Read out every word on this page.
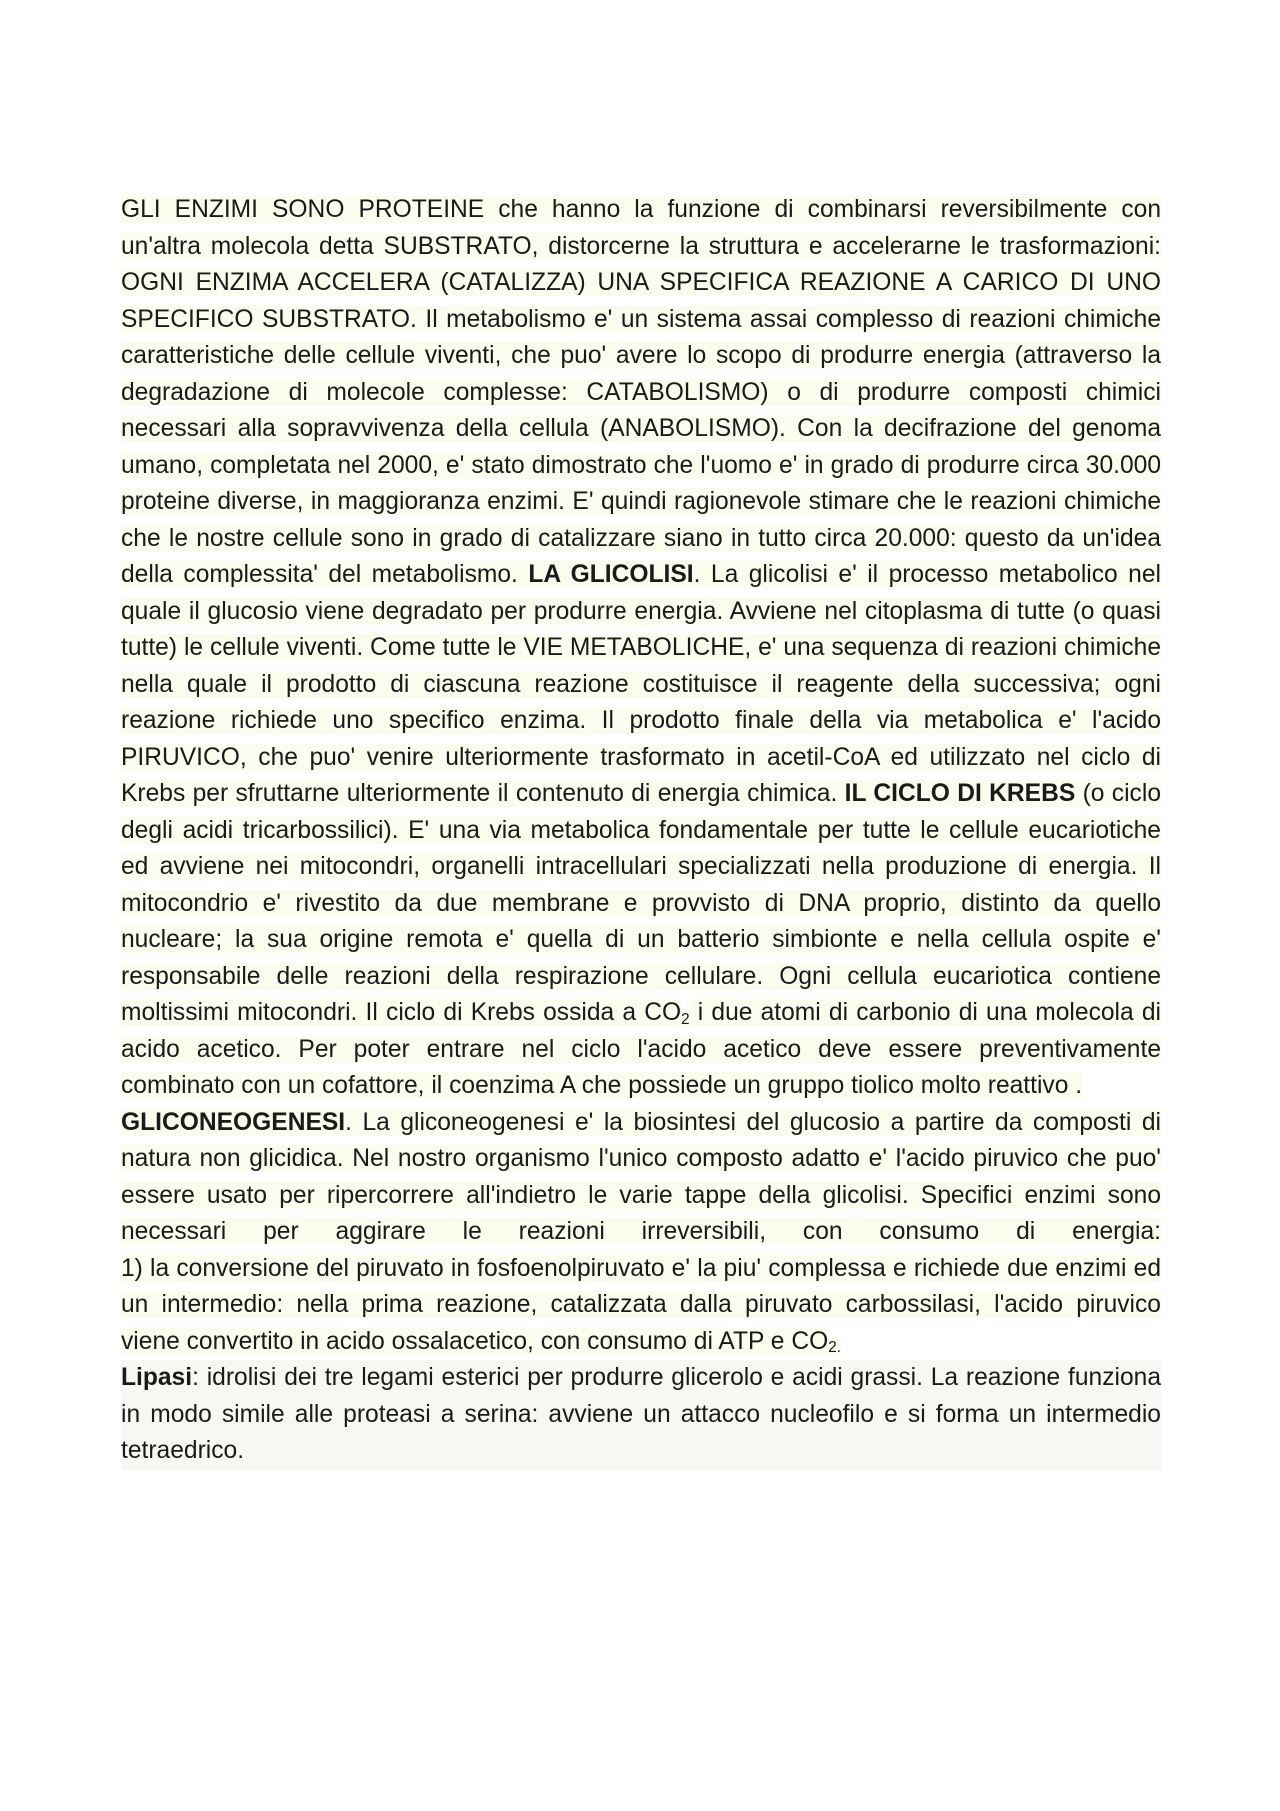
GLI ENZIMI SONO PROTEINE che hanno la funzione di combinarsi reversibilmente con un'altra molecola detta SUBSTRATO, distorcerne la struttura e accelerarne le trasformazioni: OGNI ENZIMA ACCELERA (CATALIZZA) UNA SPECIFICA REAZIONE A CARICO DI UNO SPECIFICO SUBSTRATO. Il metabolismo e' un sistema assai complesso di reazioni chimiche caratteristiche delle cellule viventi, che puo' avere lo scopo di produrre energia (attraverso la degradazione di molecole complesse: CATABOLISMO) o di produrre composti chimici necessari alla sopravvivenza della cellula (ANABOLISMO). Con la decifrazione del genoma umano, completata nel 2000, e' stato dimostrato che l'uomo e' in grado di produrre circa 30.000 proteine diverse, in maggioranza enzimi. E' quindi ragionevole stimare che le reazioni chimiche che le nostre cellule sono in grado di catalizzare siano in tutto circa 20.000: questo da un'idea della complessita' del metabolismo. LA GLICOLISI. La glicolisi e' il processo metabolico nel quale il glucosio viene degradato per produrre energia. Avviene nel citoplasma di tutte (o quasi tutte) le cellule viventi. Come tutte le VIE METABOLICHE, e' una sequenza di reazioni chimiche nella quale il prodotto di ciascuna reazione costituisce il reagente della successiva; ogni reazione richiede uno specifico enzima. Il prodotto finale della via metabolica e' l'acido PIRUVICO, che puo' venire ulteriormente trasformato in acetil-CoA ed utilizzato nel ciclo di Krebs per sfruttarne ulteriormente il contenuto di energia chimica. IL CICLO DI KREBS (o ciclo degli acidi tricarbossilici). E' una via metabolica fondamentale per tutte le cellule eucariotiche ed avviene nei mitocondri, organelli intracellulari specializzati nella produzione di energia. Il mitocondrio e' rivestito da due membrane e provvisto di DNA proprio, distinto da quello nucleare; la sua origine remota e' quella di un batterio simbionte e nella cellula ospite e' responsabile delle reazioni della respirazione cellulare. Ogni cellula eucariotica contiene moltissimi mitocondri. Il ciclo di Krebs ossida a $CO_2$ i due atomi di carbonio di una molecola di acido acetico. Per poter entrare nel ciclo l'acido acetico deve essere preventivamente combinato con un cofattore, il coenzima A che possiede un gruppo tiolico molto reattivo .

GLICONEOGENESI. La gliconeogenesi e' la biosintesi del glucosio a partire da composti di natura non glicidica. Nel nostro organismo l'unico composto adatto e' l'acido piruvico che puo' essere usato per ripercorrere all'indietro le varie tappe della glicolisi. Specifici enzimi sono necessari per aggirare le reazioni irreversibili, con consumo di energia:

1) la conversione del piruvato in fosfoenolpiruvato e' la piu' complessa e richiede due enzimi ed un intermedio: nella prima reazione, catalizzata dalla piruvato carbossilasi, l'acido piruvico viene convertito in acido ossalacetico, con consumo di ATP e $CO_{2.}$

Lipasi: idrolisi dei tre legami esterici per produrre glicerolo e acidi grassi. La reazione funziona in modo simile alle proteasi a serina: avviene un attacco nucleofilo e si forma un intermedio tetraedrico.
